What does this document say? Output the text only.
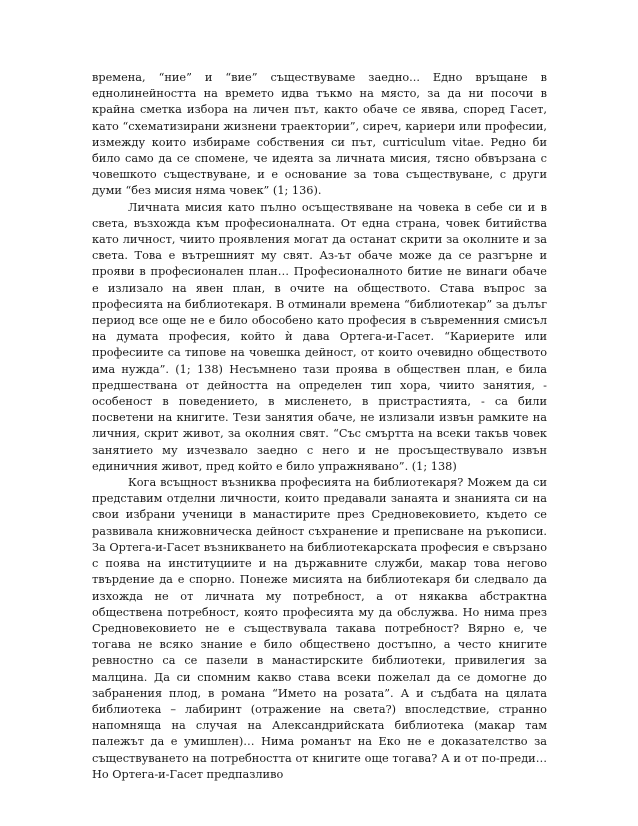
времена, “ние” и “вие” съществуваме заедно... Едно връщане в еднолинейността на времето идва тъкмо на място, за да ни посочи в крайна сметка избора на личен път, както обаче се явява, според Гасет, като “схематизирани жизнени траектории”, сиреч, кариери или професии, измежду които избираме собствения си път, curriculum vitae. Редно би било само да се спомене, че идеята за личната мисия, тясно обвързана с човешкото съществуване, и е основание за това съществуване, с други думи “без мисия няма човек” (1; 136).

Личната мисия като пълно осъществяване на човека в себе си и в света, възхожда към професионалната. От една страна, човек битийства като личност, чиито проявления могат да останат скрити за околните и за света. Това е вътрешният му свят. Аз-ът обаче може да се разгърне и прояви в професионален план… Професионалното битие не винаги обаче е излизало на явен план, в очите на обществото. Става въпрос за професията на библиотекаря. В отминали времена “библиотекар” за дълъг период все още не е било обособено като професия в съвременния смисъл на думата професия, който ѝ дава Ортега-и-Гасет. “Кариерите или професиите са типове на човешка дейност, от които очевидно обществото има нужда”. (1; 138) Несъмнено тази проява в обществен план, е била предшествана от дейността на определен тип хора, чиито занятия, - особеност в поведението, в мисленето, в пристрастията, - са били посветени на книгите. Тези занятия обаче, не излизали извън рамките на личния, скрит живот, за околния свят. “Със смъртта на всеки такъв човек занятието му изчезвало заедно с него и не просъществувало извън единичния живот, пред който е било упражнявано”. (1; 138)

Кога всъщност възниква професията на библиотекаря? Можем да си представим отделни личности, които предавали занаята и знанията си на свои избрани ученици в манастирите през Средновековието, където се развивала книжовническа дейност съхранение и преписване на ръкописи. За Ортега-и-Гасет възникването на библиотекарската професия е свързано с поява на институциите и на държавните служби, макар това негово твърдение да е спорно. Понеже мисията на библиотекаря би следвало да изхожда не от личната му потребност, а от някаква абстрактна обществена потребност, която професията му да обслужва. Но нима през Средновековието не е съществувала такава потребност? Вярно е, че тогава не всяко знание е било обществено достъпно, а често книгите ревностно са се пазели в манастирските библиотеки, привилегия за малцина. Да си спомним какво става всеки пожелал да се домогне до забранения плод, в романа “Името на розата”. А и съдбата на цялата библиотека – лабиринт (отражение на света?) впоследствие, странно напомняща на случая на Александрийската библиотека (макар там палежът да е умишлен)… Нима романът на Еко не е доказателство за съществуването на потребността от книгите още тогава? А и от по-преди… Но Ортега-и-Гасет предпазливо
